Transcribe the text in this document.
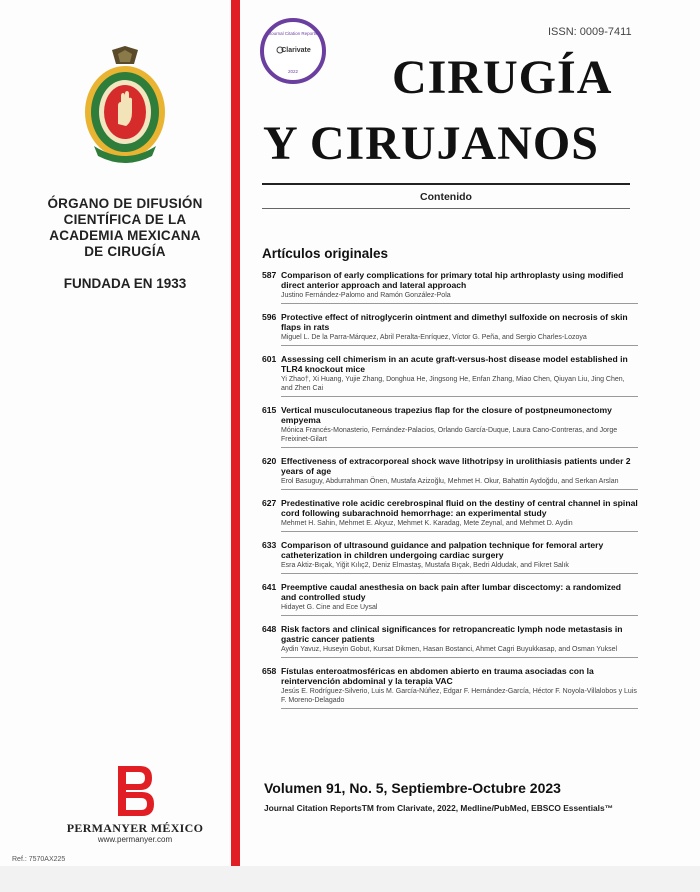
ÓRGANO DE DIFUSIÓN
CIENTÍFICA DE LA
ACADEMIA MEXICANA
DE CIRUGÍA
FUNDADA EN 1933
PERMANYER MÉXICO
www.permanyer.com
Ref.: 7570AX225
Journal Citation Reports
Clarivate
2022
ISSN: 0009-7411
CIRUGÍA
Y CIRUJANOS
Contenido
Artículos originales
587 Comparison of early complications for primary total hip arthroplasty using modified direct anterior approach and lateral approach
Justino Fernández-Palomo and Ramón González-Pola
596 Protective effect of nitroglycerin ointment and dimethyl sulfoxide on necrosis of skin flaps in rats
Miguel L. De la Parra-Márquez, Abril Peralta-Enríquez, Víctor G. Peña, and Sergio Charles-Lozoya
601 Assessing cell chimerism in an acute graft-versus-host disease model established in TLR4 knockout mice
Yi Zhao†, Xi Huang, Yujie Zhang, Donghua He, Jingsong He, Enfan Zhang, Miao Chen, Qiuyan Liu, Jing Chen, and Zhen Cai
615 Vertical musculocutaneous trapezius flap for the closure of postpneumonectomy empyema
Mónica Francés-Monasterio, Fernández-Palacios, Orlando García-Duque, Laura Cano-Contreras, and Jorge Freixinet-Gilart
620 Effectiveness of extracorporeal shock wave lithotripsy in urolithiasis patients under 2 years of age
Erol Basuguy, Abdurrahman Önen, Mustafa Azizoğlu, Mehmet H. Okur, Bahattin Aydoğdu, and Serkan Arslan
627 Predestinative role acidic cerebrospinal fluid on the destiny of central channel in spinal cord following subarachnoid hemorrhage: an experimental study
Mehmet H. Sahin, Mehmet E. Akyuz, Mehmet K. Karadag, Mete Zeynal, and Mehmet D. Aydin
633 Comparison of ultrasound guidance and palpation technique for femoral artery catheterization in children undergoing cardiac surgery
Esra Aktiz-Bıçak, Yiğit Kılıç2, Deniz Elmastaş, Mustafa Bıçak, Bedri Aldudak, and Fikret Salık
641 Preemptive caudal anesthesia on back pain after lumbar discectomy: a randomized and controlled study
Hidayet G. Cine and Ece Uysal
648 Risk factors and clinical significances for retropancreatic lymph node metastasis in gastric cancer patients
Aydin Yavuz, Huseyin Gobut, Kursat Dikmen, Hasan Bostanci, Ahmet Cagri Buyukkasap, and Osman Yuksel
658 Fístulas enteroatmosféricas en abdomen abierto en trauma asociadas con la reintervención abdominal y la terapia VAC
Jesús E. Rodríguez-Silverio, Luis M. García-Núñez, Edgar F. Hernández-García, Héctor F. Noyola-Villalobos y Luis F. Moreno-Delagado
Volumen 91, No. 5, Septiembre-Octubre 2023
Journal Citation ReportsTM from Clarivate, 2022, Medline/PubMed, EBSCO Essentials™
